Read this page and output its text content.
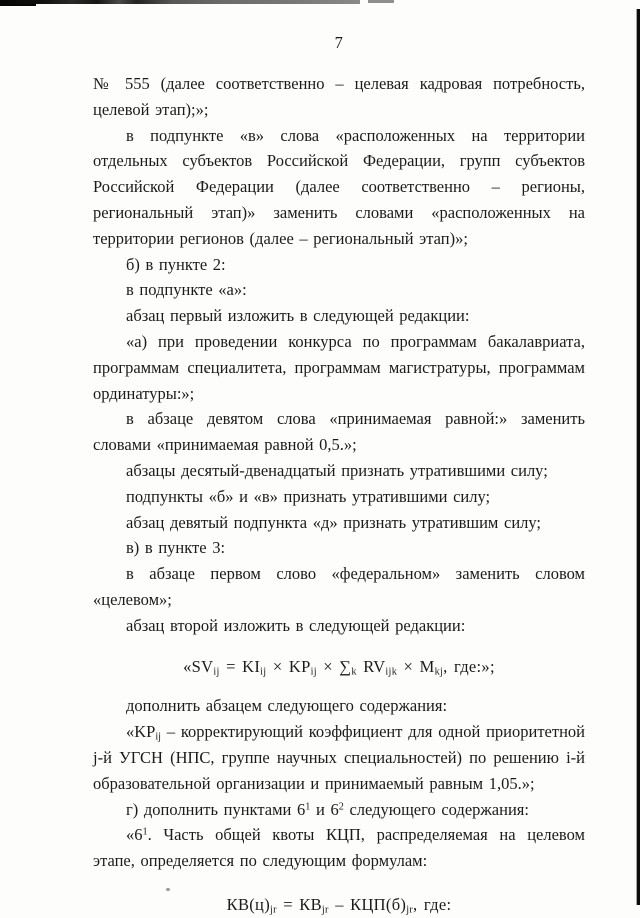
7

№ 555 (далее соответственно – целевая кадровая потребность, целевой этап);»;

в подпункте «в» слова «расположенных на территории отдельных субъектов Российской Федерации, групп субъектов Российской Федерации (далее соответственно – регионы, региональный этап)» заменить словами «расположенных на территории регионов (далее – региональный этап)»;

б) в пункте 2:

в подпункте «а»:

абзац первый изложить в следующей редакции:

«а) при проведении конкурса по программам бакалавриата, программам специалитета, программам магистратуры, программам ординатуры:»;

в абзаце девятом слова «принимаемая равной:» заменить словами «принимаемая равной 0,5.»;

абзацы десятый-двенадцатый признать утратившими силу;

подпункты «б» и «в» признать утратившими силу;

абзац девятый подпункта «д» признать утратившим силу;

в) в пункте 3:

в абзаце первом слово «федеральном» заменить словом «целевом»;

абзац второй изложить в следующей редакции:

«$SV_{ij} = KI_{ij} \times KP_{ij} \times \sum_k$ $RV_{ijk} \times M_{kj}$, где:»;

дополнить абзацем следующего содержания:

«$KP_{ij}$ – корректирующий коэффициент для одной приоритетной j-й УГСН (НПС, группе научных специальностей) по решению i-й образовательной организации и принимаемый равным 1,05.»;

г) дополнить пунктами $6^1$ и $6^2$ следующего содержания:

«$6^1$. Часть общей квоты КЦП, распределяемая на целевом этапе, определяется по следующим формулам:

$КВ(ц)_{jr} = КВ_{jr} - КЦП(б)_{jr}$, где:
